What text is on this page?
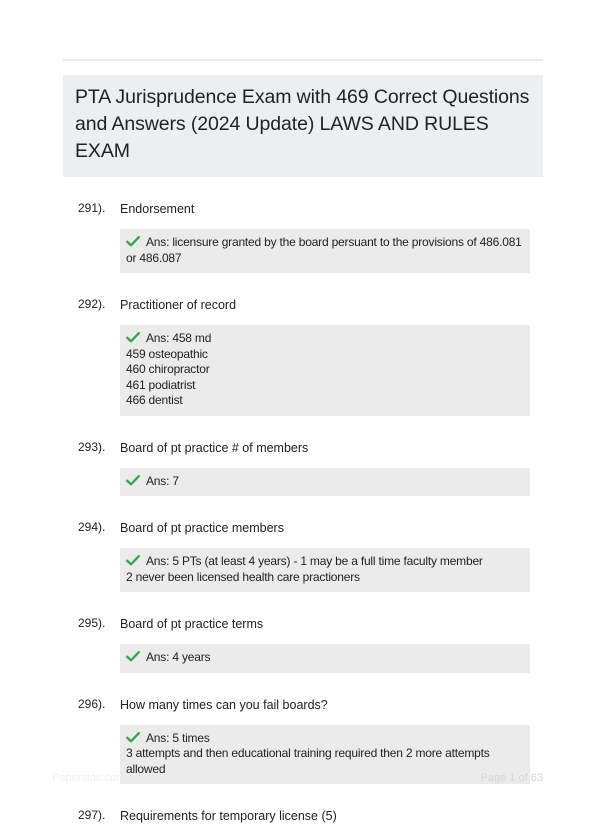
PTA Jurisprudence Exam with 469 Correct Questions and Answers (2024 Update) LAWS AND RULES EXAM
291). Endorsement
Ans: licensure granted by the board persuant to the provisions of 486.081 or 486.087
292). Practitioner of record
Ans: 458 md
459 osteopathic
460 chiropractor
461 podiatrist
466 dentist
293). Board of pt practice # of members
Ans: 7
294). Board of pt practice members
Ans: 5 PTs (at least 4 years) - 1 may be a full time faculty member
2 never been licensed health care practioners
295). Board of pt practice terms
Ans: 4 years
296). How many times can you fail boards?
Ans: 5 times
3 attempts and then educational training required then 2 more attempts allowed
297). Requirements for temporary license (5)
Paperstoc.com	Page 1 of 63
